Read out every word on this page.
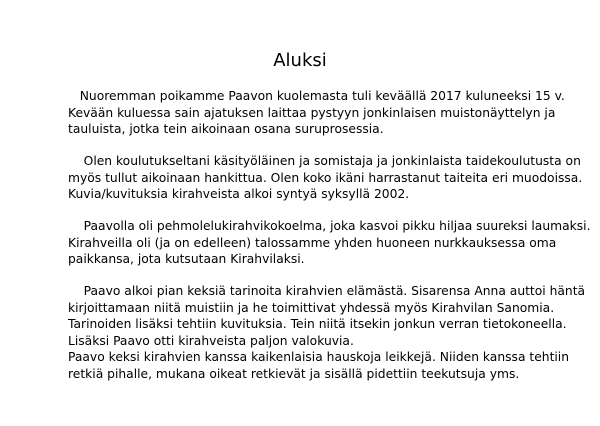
Aluksi

Nuoremman poikamme Paavon kuolemasta tuli keväällä 2017 kuluneeksi 15 v.
Kevään kuluessa sain ajatuksen laittaa pystyyn jonkinlaisen muistonäyttelyn ja
tauluista, jotka tein aikoinaan osana suruprosessia.

Olen koulutukseltani käsityöläinen ja somistaja ja jonkinlaista taidekoulutusta on
myös tullut aikoinaan hankittua. Olen koko ikäni harrastanut taiteita eri muodoissa.
Kuvia/kuvituksia kirahveista alkoi syntyä syksyllä 2002.

Paavolla oli pehmolelukirahvikokoelma, joka kasvoi pikku hiljaa suureksi laumaksi.
Kirahveilla oli (ja on edelleen) talossamme yhden huoneen nurkkauksessa oma
paikkansa, jota kutsutaan Kirahvilaksi.

Paavo alkoi pian keksiä tarinoita kirahvien elämästä. Sisarensa Anna auttoi häntä
kirjoittamaan niitä muistiin ja he toimittivat yhdessä myös Kirahvilan Sanomia.
Tarinoiden lisäksi tehtiin kuvituksia. Tein niitä itsekin jonkun verran tietokoneella.
Lisäksi Paavo otti kirahveista paljon valokuvia.
Paavo keksi kirahvien kanssa kaikenlaisia hauskoja leikkejä. Niiden kanssa tehtiin
retkiä pihalle, mukana oikeat retkievät ja sisällä pidettiin teekutsuja yms.
